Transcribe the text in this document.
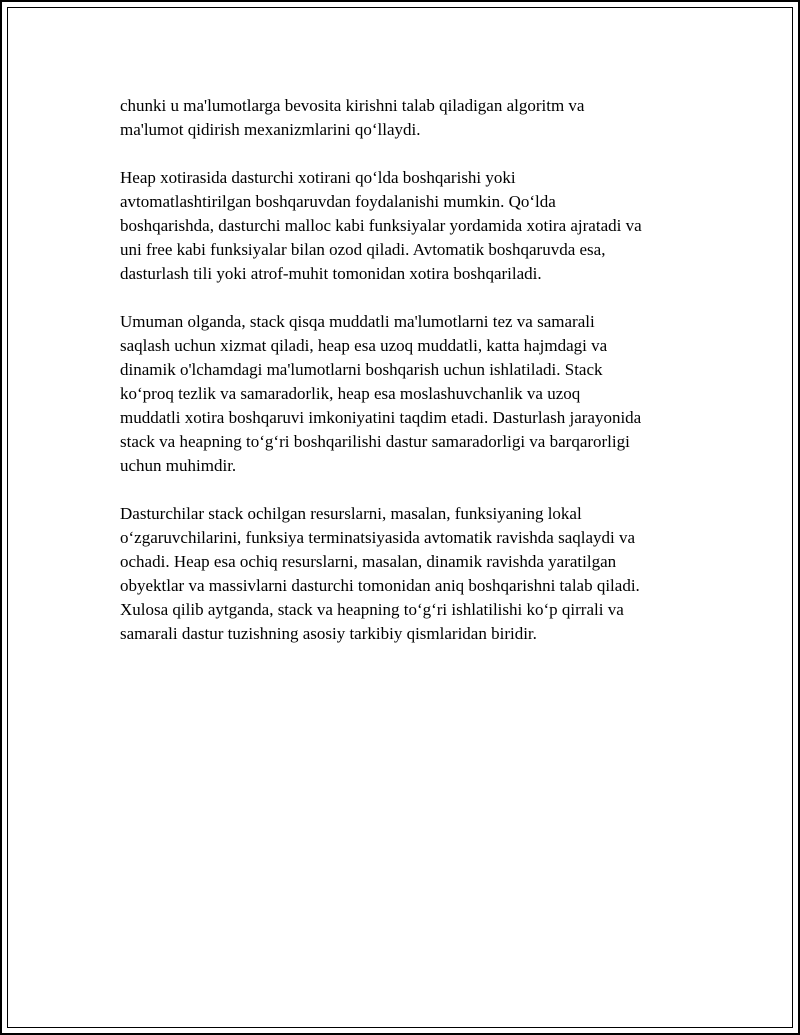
chunki u ma'lumotlarga bevosita kirishni talab qiladigan algoritm va
ma'lumot qidirish mexanizmlarini qo‘llaydi.

Heap xotirasida dasturchi xotirani qo‘lda boshqarishi yoki
avtomatlashtirilgan boshqaruvdan foydalanishi mumkin. Qo‘lda
boshqarishda, dasturchi malloc kabi funksiyalar yordamida xotira ajratadi va
uni free kabi funksiyalar bilan ozod qiladi. Avtomatik boshqaruvda esa,
dasturlash tili yoki atrof-muhit tomonidan xotira boshqariladi.

Umuman olganda, stack qisqa muddatli ma'lumotlarni tez va samarali
saqlash uchun xizmat qiladi, heap esa uzoq muddatli, katta hajmdagi va
dinamik o'lchamdagi ma'lumotlarni boshqarish uchun ishlatiladi. Stack
ko‘proq tezlik va samaradorlik, heap esa moslashuvchanlik va uzoq
muddatli xotira boshqaruvi imkoniyatini taqdim etadi. Dasturlash jarayonida
stack va heapning to‘g‘ri boshqarilishi dastur samaradorligi va barqarorligi
uchun muhimdir.

Dasturchilar stack ochilgan resurslarni, masalan, funksiyaning lokal
o‘zgaruvchilarini, funksiya terminatsiyasida avtomatik ravishda saqlaydi va
ochadi. Heap esa ochiq resurslarni, masalan, dinamik ravishda yaratilgan
obyektlar va massivlarni dasturchi tomonidan aniq boshqarishni talab qiladi.
Xulosa qilib aytganda, stack va heapning to‘g‘ri ishlatilishi ko‘p qirrali va
samarali dastur tuzishning asosiy tarkibiy qismlaridan biridir.
